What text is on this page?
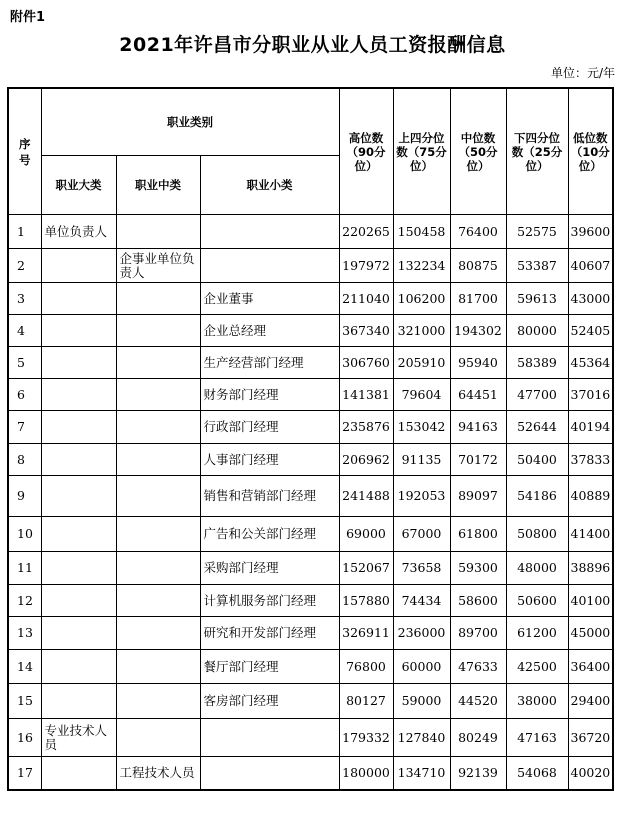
附件1
2021年许昌市分职业从业人员工资报酬信息
单位：元/年
序号	职业类别			高位数（90分位）	上四分位数（75分位）	中位数（50分位）	下四分位数（25分位）	低位数（10分位）
	职业大类	职业中类	职业小类					
1	单位负责人			220265	150458	76400	52575	39600
2		企事业单位负责人		197972	132234	80875	53387	40607
3			企业董事	211040	106200	81700	59613	43000
4			企业总经理	367340	321000	194302	80000	52405
5			生产经营部门经理	306760	205910	95940	58389	45364
6			财务部门经理	141381	79604	64451	47700	37016
7			行政部门经理	235876	153042	94163	52644	40194
8			人事部门经理	206962	91135	70172	50400	37833
9			销售和营销部门经理	241488	192053	89097	54186	40889
10			广告和公关部门经理	69000	67000	61800	50800	41400
11			采购部门经理	152067	73658	59300	48000	38896
12			计算机服务部门经理	157880	74434	58600	50600	40100
13			研究和开发部门经理	326911	236000	89700	61200	45000
14			餐厅部门经理	76800	60000	47633	42500	36400
15			客房部门经理	80127	59000	44520	38000	29400
16	专业技术人员			179332	127840	80249	47163	36720
17		工程技术人员		180000	134710	92139	54068	40020
